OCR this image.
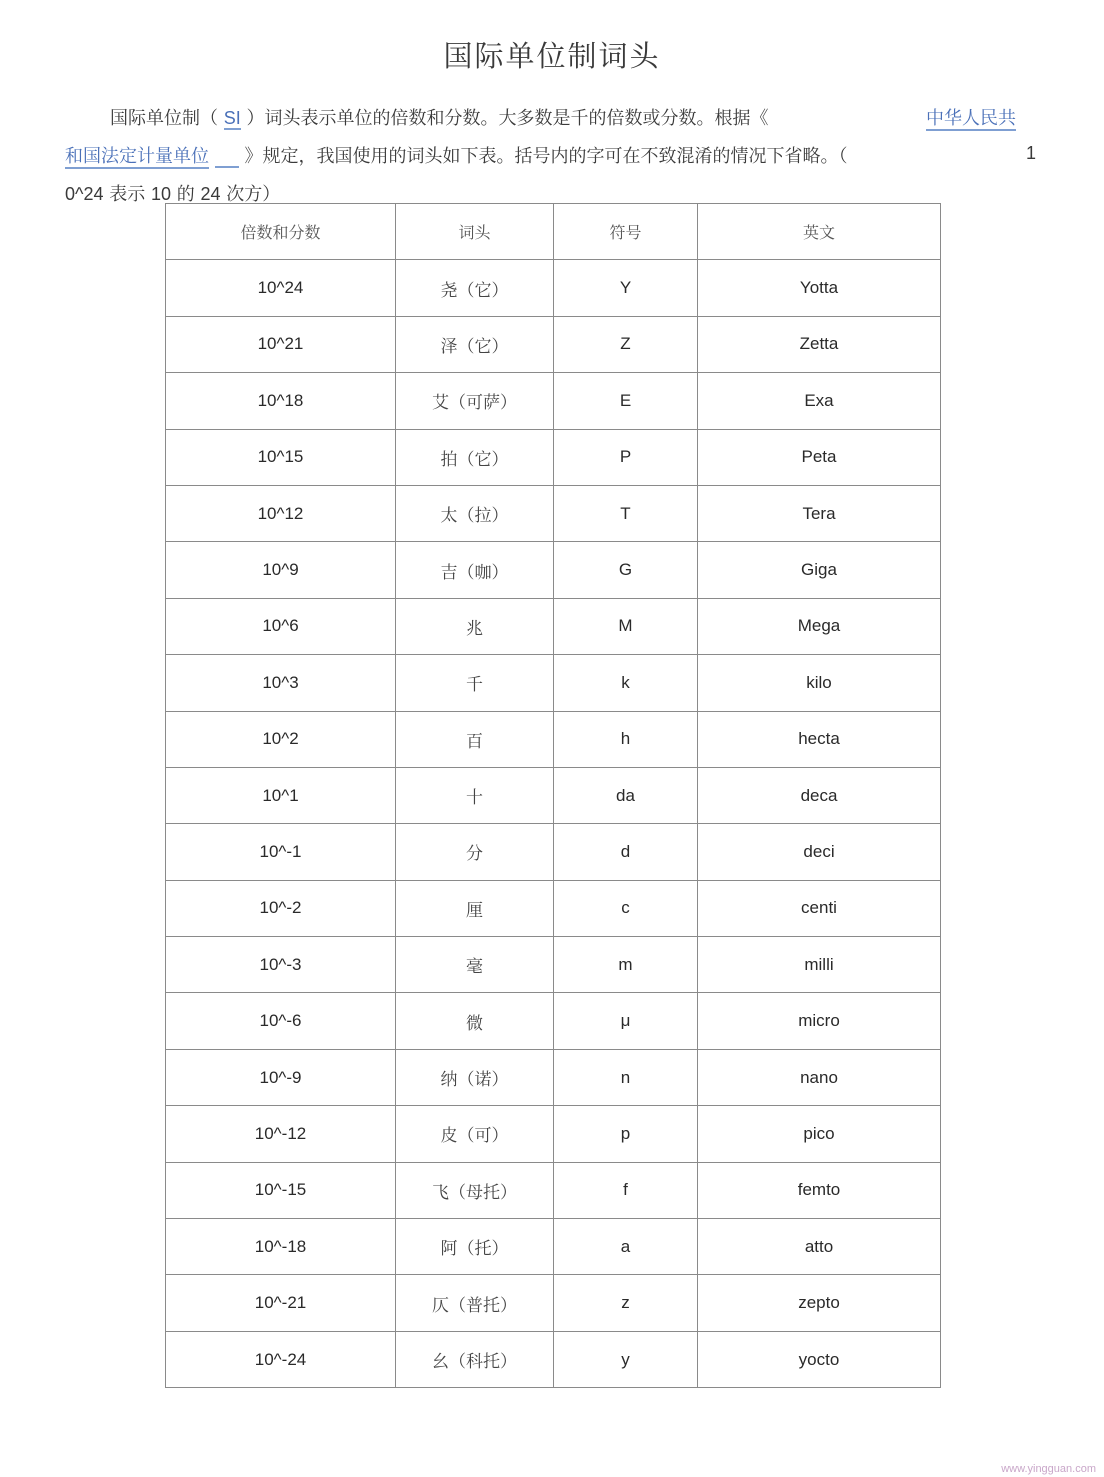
国际单位制词头
国际单位制（ SI ）词头表示单位的倍数和分数。大多数是千的倍数或分数。根据《	中华人民共
和国法定计量单位 》规定，我国使用的词头如下表。括号内的字可在不致混淆的情况下省略。（	1
0^24 表示 10 的 24 次方）
倍数和分数	词头	符号	英文
10^24	尧（它）	Y	Yotta
10^21	泽（它）	Z	Zetta
10^18	艾（可萨）	E	Exa
10^15	拍（它）	P	Peta
10^12	太（拉）	T	Tera
10^9	吉（咖）	G	Giga
10^6	兆	M	Mega
10^3	千	k	kilo
10^2	百	h	hecta
10^1	十	da	deca
10^-1	分	d	deci
10^-2	厘	c	centi
10^-3	毫	m	milli
10^-6	微	μ	micro
10^-9	纳（诺）	n	nano
10^-12	皮（可）	p	pico
10^-15	飞（母托）	f	femto
10^-18	阿（托）	a	atto
10^-21	仄（普托）	z	zepto
10^-24	幺（科托）	y	yocto
www.yingguan.com
